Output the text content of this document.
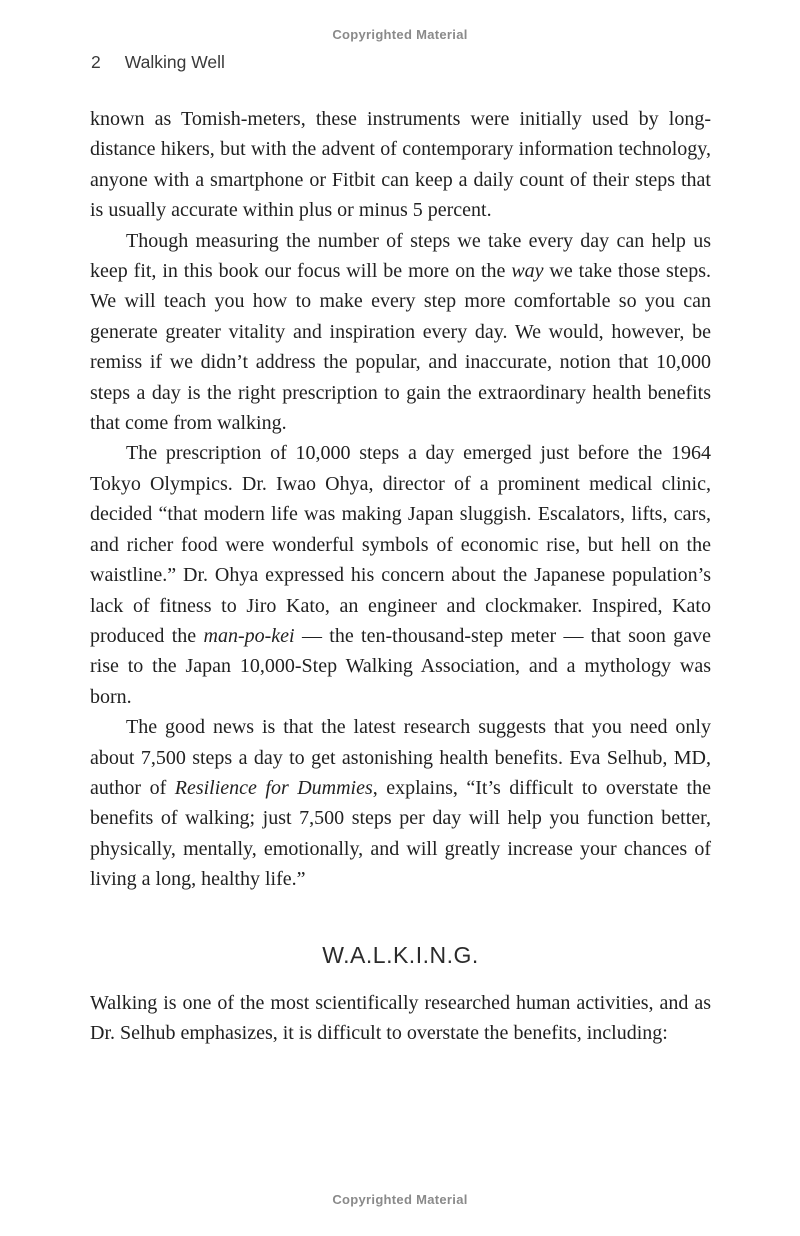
Copyrighted Material
2 Walking Well

known as Tomish-meters, these instruments were initially used by long-distance hikers, but with the advent of contemporary information technology, anyone with a smartphone or Fitbit can keep a daily count of their steps that is usually accurate within plus or minus 5 percent.

Though measuring the number of steps we take every day can help us keep fit, in this book our focus will be more on the way we take those steps. We will teach you how to make every step more comfortable so you can generate greater vitality and inspiration every day. We would, however, be remiss if we didn’t address the popular, and inaccurate, notion that 10,000 steps a day is the right prescription to gain the extraordinary health benefits that come from walking.

The prescription of 10,000 steps a day emerged just before the 1964 Tokyo Olympics. Dr. Iwao Ohya, director of a prominent medical clinic, decided “that modern life was making Japan sluggish. Escalators, lifts, cars, and richer food were wonderful symbols of economic rise, but hell on the waistline.” Dr. Ohya expressed his concern about the Japanese population’s lack of fitness to Jiro Kato, an engineer and clockmaker. Inspired, Kato produced the man-po-kei — the ten-thousand-step meter — that soon gave rise to the Japan 10,000-Step Walking Association, and a mythology was born.

The good news is that the latest research suggests that you need only about 7,500 steps a day to get astonishing health benefits. Eva Selhub, MD, author of Resilience for Dummies, explains, “It’s difficult to overstate the benefits of walking; just 7,500 steps per day will help you function better, physically, mentally, emotionally, and will greatly increase your chances of living a long, healthy life.”

W.A.L.K.I.N.G.

Walking is one of the most scientifically researched human activities, and as Dr. Selhub emphasizes, it is difficult to overstate the benefits, including:

Copyrighted Material
